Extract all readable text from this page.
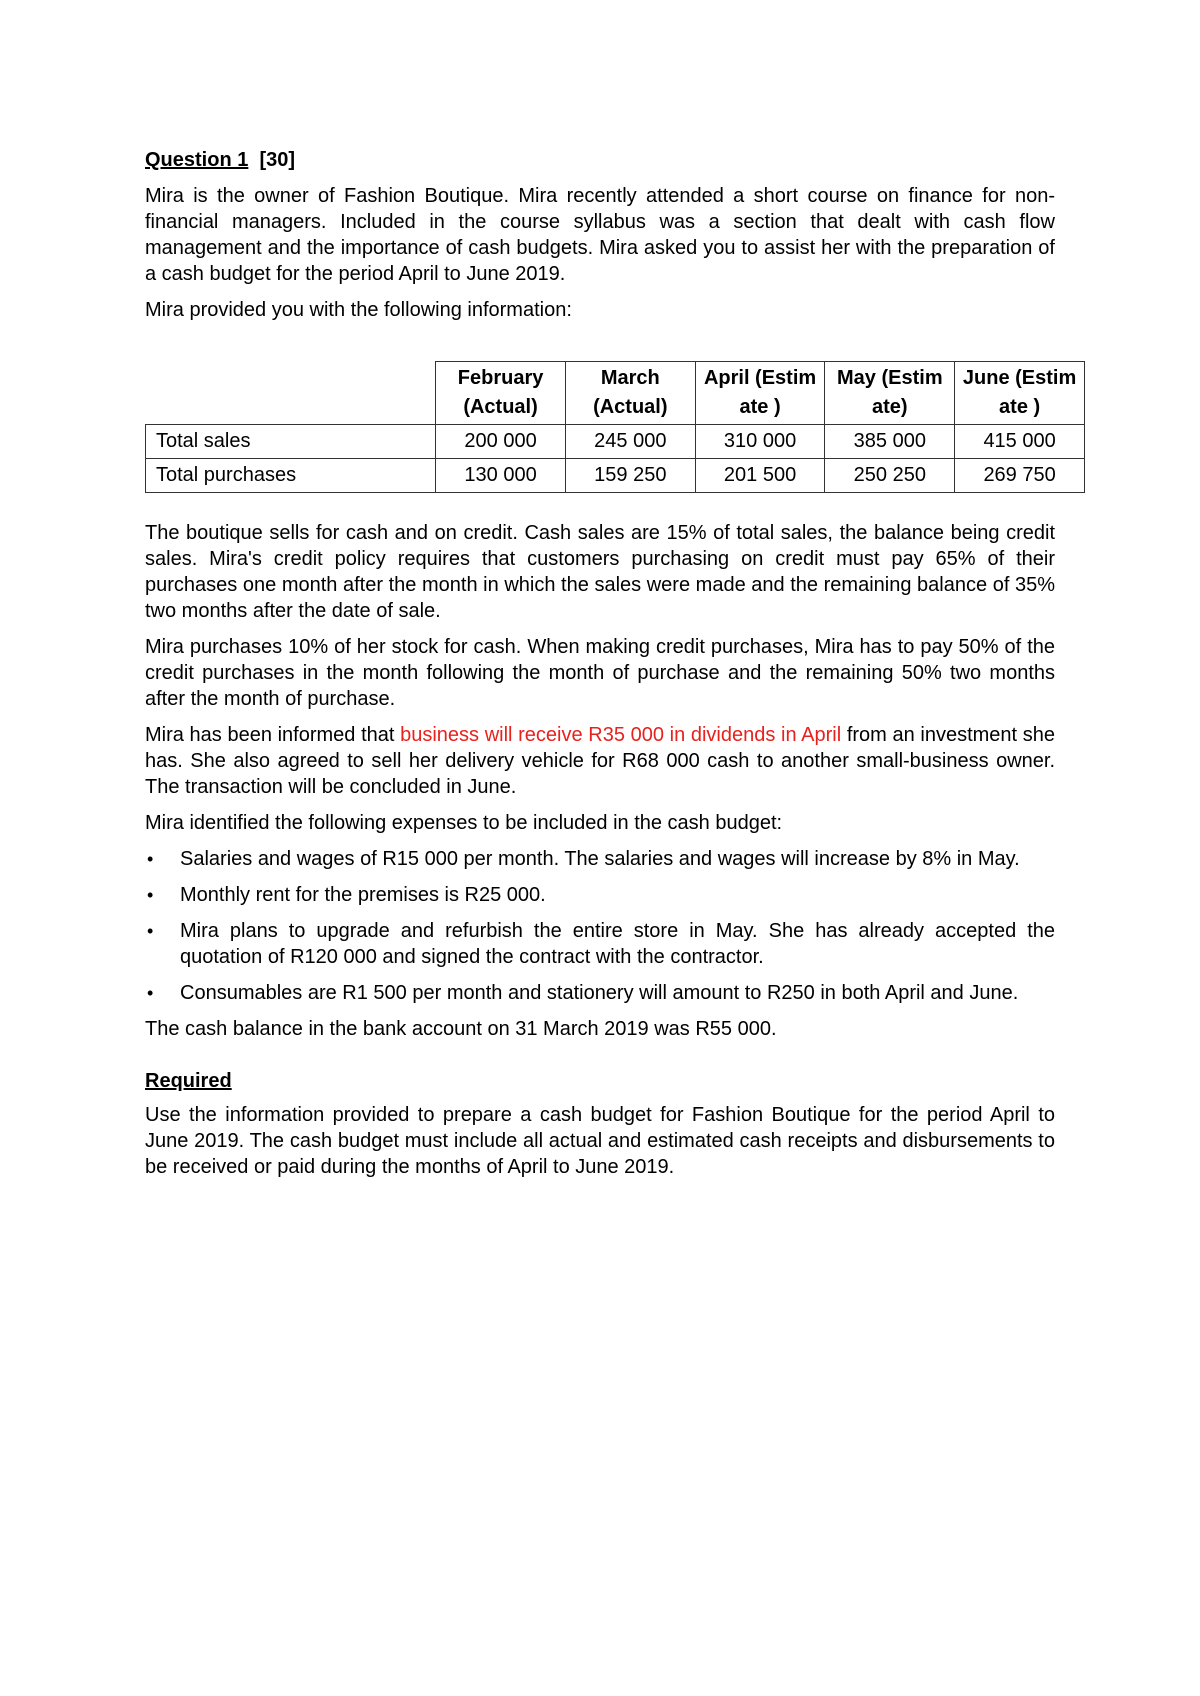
Question 1 [30]

Mira is the owner of Fashion Boutique. Mira recently attended a short course on finance for non-financial managers. Included in the course syllabus was a section that dealt with cash flow management and the importance of cash budgets. Mira asked you to assist her with the preparation of a cash budget for the period April to June 2019.

Mira provided you with the following information:

	February (Actual)	March (Actual)	April (Estim ate )	May (Estim ate)	June (Estim ate )
Total sales	200 000	245 000	310 000	385 000	415 000
Total purchases	130 000	159 250	201 500	250 250	269 750

The boutique sells for cash and on credit. Cash sales are 15% of total sales, the balance being credit sales. Mira's credit policy requires that customers purchasing on credit must pay 65% of their purchases one month after the month in which the sales were made and the remaining balance of 35% two months after the date of sale.

Mira purchases 10% of her stock for cash. When making credit purchases, Mira has to pay 50% of the credit purchases in the month following the month of purchase and the remaining 50% two months after the month of purchase.

Mira has been informed that business will receive R35 000 in dividends in April from an investment she has. She also agreed to sell her delivery vehicle for R68 000 cash to another small-business owner. The transaction will be concluded in June.

Mira identified the following expenses to be included in the cash budget:

• Salaries and wages of R15 000 per month. The salaries and wages will increase by 8% in May.
• Monthly rent for the premises is R25 000.
• Mira plans to upgrade and refurbish the entire store in May. She has already accepted the quotation of R120 000 and signed the contract with the contractor.
• Consumables are R1 500 per month and stationery will amount to R250 in both April and June.

The cash balance in the bank account on 31 March 2019 was R55 000.

Required

Use the information provided to prepare a cash budget for Fashion Boutique for the period April to June 2019. The cash budget must include all actual and estimated cash receipts and disbursements to be received or paid during the months of April to June 2019.
